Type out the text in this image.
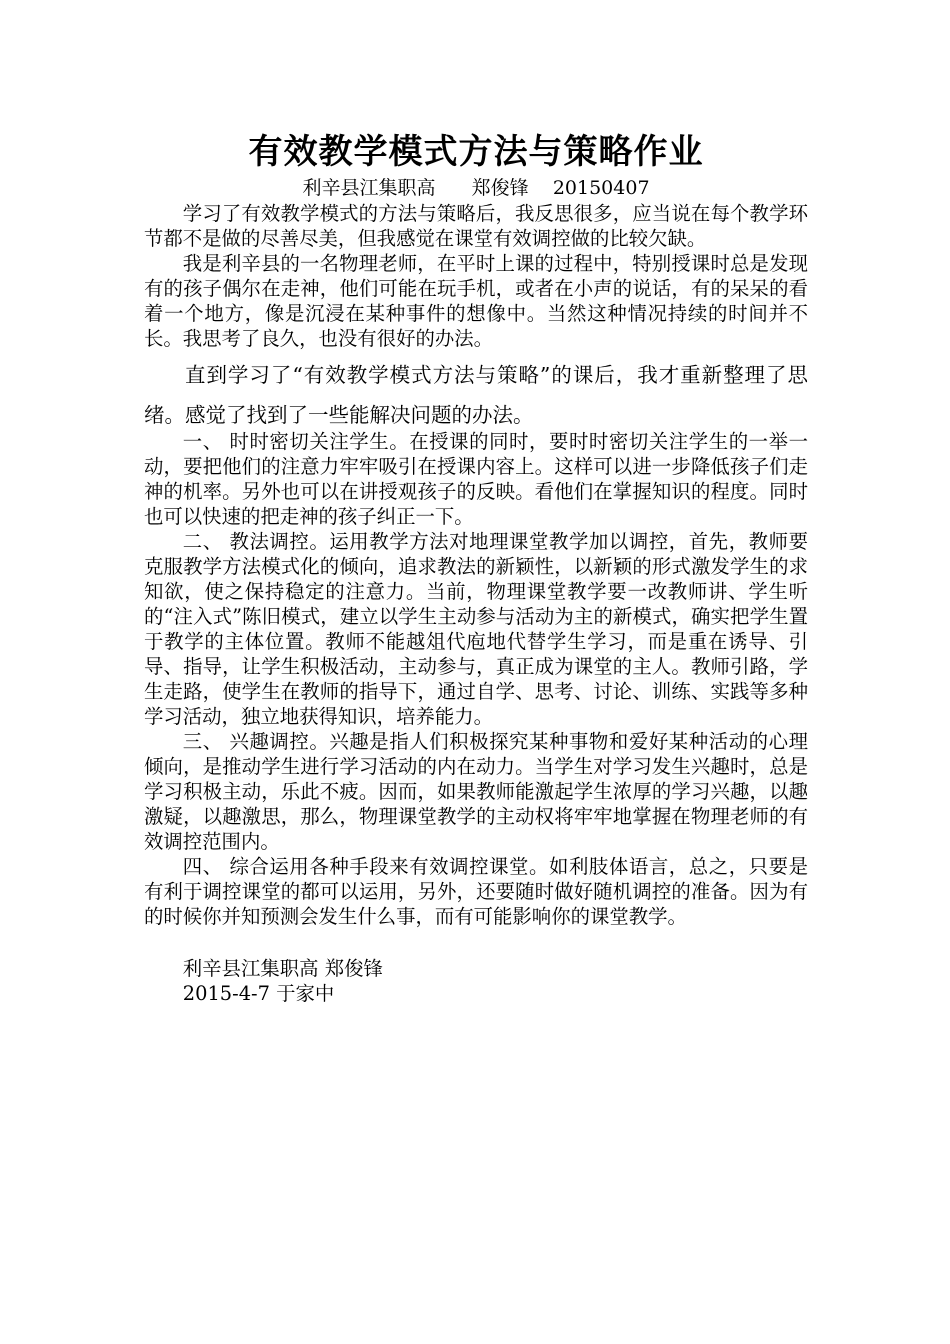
有效教学模式方法与策略作业

利辛县江集职高      郑俊锋    20150407

学习了有效教学模式的方法与策略后，我反思很多，应当说在每个教学环节都不是做的尽善尽美，但我感觉在课堂有效调控做的比较欠缺。

我是利辛县的一名物理老师，在平时上课的过程中，特别授课时总是发现有的孩子偶尔在走神，他们可能在玩手机，或者在小声的说话，有的呆呆的看着一个地方，像是沉浸在某种事件的想像中。当然这种情况持续的时间并不长。我思考了良久，也没有很好的办法。

直到学习了“有效教学模式方法与策略”的课后，我才重新整理了思绪。感觉了找到了一些能解决问题的办法。

一、 时时密切关注学生。在授课的同时，要时时密切关注学生的一举一动，要把他们的注意力牢牢吸引在授课内容上。这样可以进一步降低孩子们走神的机率。另外也可以在讲授观孩子的反映。看他们在掌握知识的程度。同时也可以快速的把走神的孩子纠正一下。

二、 教法调控。运用教学方法对地理课堂教学加以调控，首先，教师要克服教学方法模式化的倾向，追求教法的新颖性，以新颖的形式激发学生的求知欲，使之保持稳定的注意力。当前，物理课堂教学要一改教师讲、学生听的“注入式”陈旧模式，建立以学生主动参与活动为主的新模式，确实把学生置于教学的主体位置。教师不能越俎代庖地代替学生学习，而是重在诱导、引导、指导，让学生积极活动，主动参与，真正成为课堂的主人。教师引路，学生走路，使学生在教师的指导下，通过自学、思考、讨论、训练、实践等多种学习活动，独立地获得知识，培养能力。

三、 兴趣调控。兴趣是指人们积极探究某种事物和爱好某种活动的心理倾向，是推动学生进行学习活动的内在动力。当学生对学习发生兴趣时，总是学习积极主动，乐此不疲。因而，如果教师能激起学生浓厚的学习兴趣，以趣激疑，以趣激思，那么，物理课堂教学的主动权将牢牢地掌握在物理老师的有效调控范围内。

四、 综合运用各种手段来有效调控课堂。如利肢体语言，总之，只要是有利于调控课堂的都可以运用，另外，还要随时做好随机调控的准备。因为有的时候你并知预测会发生什么事，而有可能影响你的课堂教学。

利辛县江集职高 郑俊锋

2015-4-7 于家中
